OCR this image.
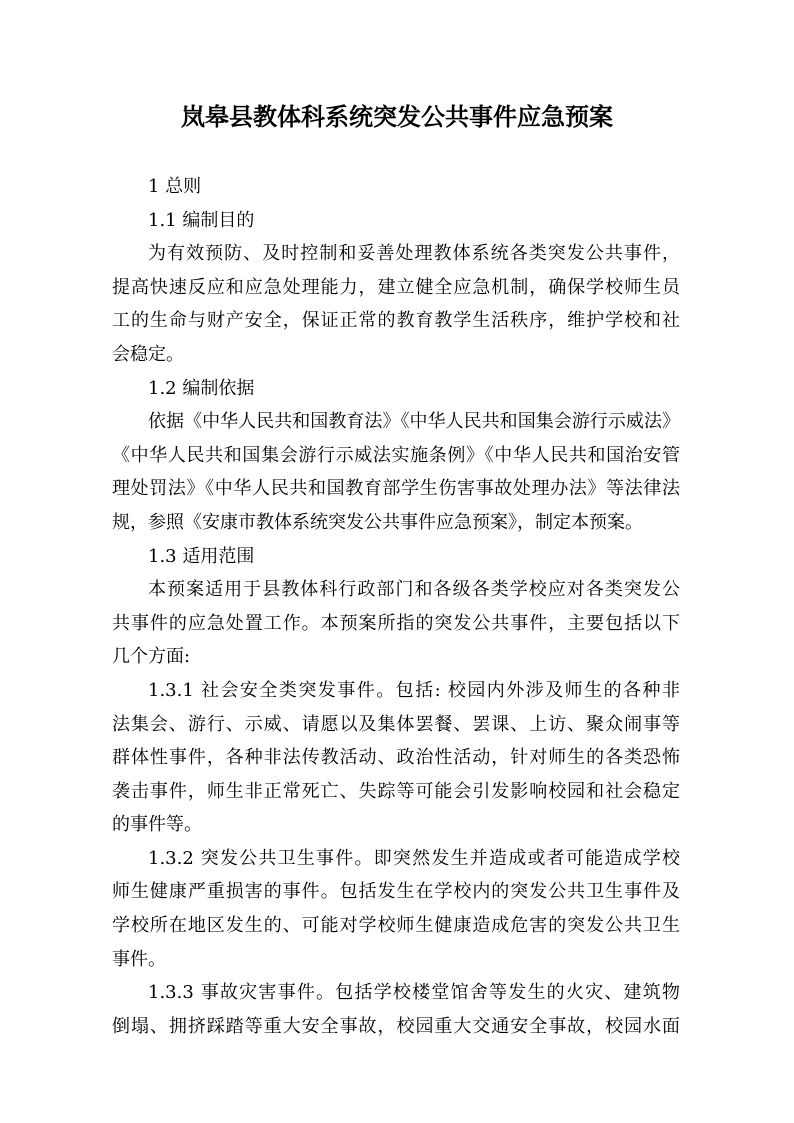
岚皋县教体科系统突发公共事件应急预案
1 总则
1.1 编制目的
为有效预防、及时控制和妥善处理教体系统各类突发公共事件，
提高快速反应和应急处理能力，建立健全应急机制，确保学校师生员
工的生命与财产安全，保证正常的教育教学生活秩序，维护学校和社
会稳定。
1.2 编制依据
依据《中华人民共和国教育法》《中华人民共和国集会游行示威法》
《中华人民共和国集会游行示威法实施条例》《中华人民共和国治安管
理处罚法》《中华人民共和国教育部学生伤害事故处理办法》等法律法
规，参照《安康市教体系统突发公共事件应急预案》，制定本预案。
1.3 适用范围
本预案适用于县教体科行政部门和各级各类学校应对各类突发公
共事件的应急处置工作。本预案所指的突发公共事件，主要包括以下
几个方面:
1.3.1 社会安全类突发事件。包括: 校园内外涉及师生的各种非
法集会、游行、示威、请愿以及集体罢餐、罢课、上访、聚众闹事等
群体性事件，各种非法传教活动、政治性活动，针对师生的各类恐怖
袭击事件，师生非正常死亡、失踪等可能会引发影响校园和社会稳定
的事件等。
1.3.2 突发公共卫生事件。即突然发生并造成或者可能造成学校
师生健康严重损害的事件。包括发生在学校内的突发公共卫生事件及
学校所在地区发生的、可能对学校师生健康造成危害的突发公共卫生
事件。
1.3.3 事故灾害事件。包括学校楼堂馆舍等发生的火灾、建筑物
倒塌、拥挤踩踏等重大安全事故，校园重大交通安全事故，校园水面
